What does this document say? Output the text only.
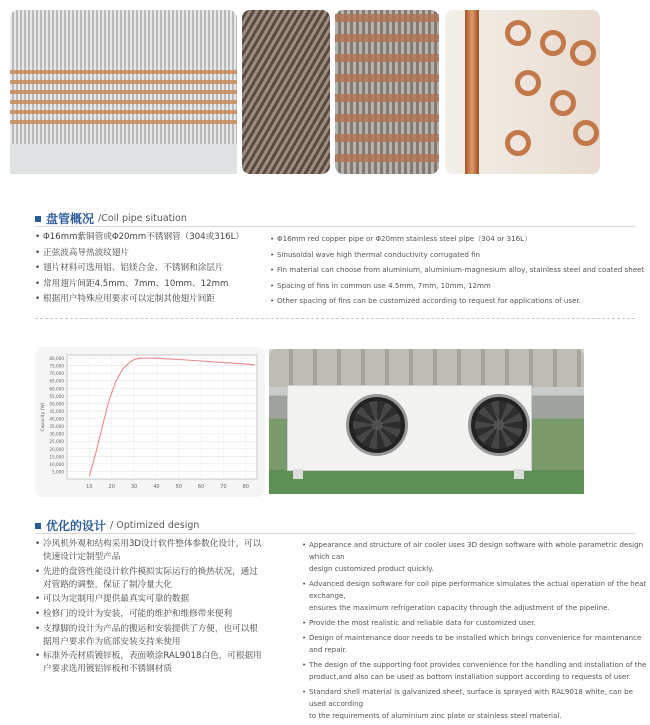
盘管概况 /Coil pipe situation
• Φ16mm紫铜管或Φ20mm不锈钢管（304或316L）
• 正弦波高导热波纹翅片
• 翅片材料可选用铝、铝镁合金、不锈钢和涂层片
• 常用翅片间距4.5mm、7mm、10mm、12mm
• 根据用户特殊应用要求可以定制其他翅片间距
• Φ16mm red copper pipe or Φ20mm stainless steel pipe（304 or 316L）
• Sinusoidal wave high thermal conductivity corrugated fin
• Fin material can choose from aluminium, aluminium-magnesium alloy, stainless steel and coated sheet
• Spacing of fins in common use 4.5mm, 7mm, 10mm, 12mm
• Other spacing of fins can be customized according to request for applications of user.
80,000
75,000
70,000
65,000
60,000
55,000
50,000
45,000
40,000
35,000
30,000
25,000
20,000
15,000
10,000
5,000
10	20	30	40	50	60	70	80
Capacity (W)
优化的设计 / Optimized design
• 冷风机外观和结构采用3D设计软件整体参数化设计，可以
快速设计定制型产品
• 先进的盘管性能设计软件模拟实际运行的换热状况，通过
对管路的调整，保证了制冷量大化
• 可以为定制用户提供最真实可靠的数据
• 检修门的设计为安装，可能的维护和维修带来便利
• 支撑脚的设计为产品的搬运和安装提供了方便，也可以根
据用户要求作为底部安装支持来使用
• 标准外壳材质镀锌板，表面喷涂RAL9018白色，可根据用
户要求选用镀铝锌板和不锈钢材质
• Appearance and structure of air cooler uses 3D design software with whole parametric design which can
design customized product quickly.
• Advanced design software for coil pipe performance simulates the actual operation of the heat exchange,
ensures the maximum refrigeration capacity through the adjustment of the pipeline.
• Provide the most realistic and reliable data for customized user.
• Design of maintenance door needs to be installed which brings convenience for maintenance and repair.
• The design of the supporting foot provides convenience for the handling and installation of the
product,and also can be used as bottom installation support according to requests of user.
• Standard shell material is galvanized sheet, surface is sprayed with RAL9018 white, can be used according
to the requirements of aluminium zinc plate or stainless steel material.
